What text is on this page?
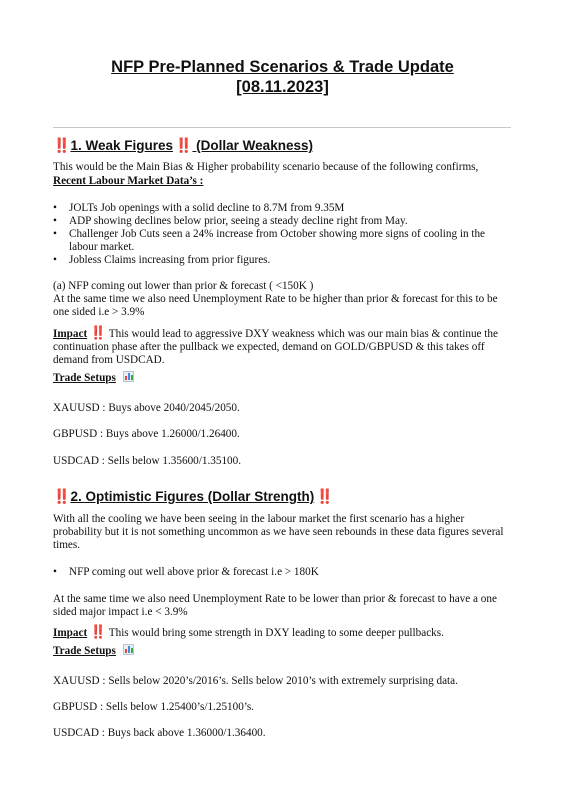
NFP Pre-Planned Scenarios & Trade Update
[08.11.2023]
‼️ 1. Weak Figures ‼️ (Dollar Weakness)
This would be the Main Bias & Higher probability scenario because of the following confirms,
Recent Labour Market Data’s :
• JOLTs Job openings with a solid decline to 8.7M from 9.35M
• ADP showing declines below prior, seeing a steady decline right from May.
• Challenger Job Cuts seen a 24% increase from October showing more signs of cooling in the labour market.
• Jobless Claims increasing from prior figures.
(a) NFP coming out lower than prior & forecast ( <150K )
At the same time we also need Unemployment Rate to be higher than prior & forecast for this to be one sided i.e > 3.9%
Impact ‼️ This would lead to aggressive DXY weakness which was our main bias & continue the continuation phase after the pullback we expected, demand on GOLD/GBPUSD & this takes off demand from USDCAD.
Trade Setups
XAUUSD : Buys above 2040/2045/2050.
GBPUSD : Buys above 1.26000/1.26400.
USDCAD : Sells below 1.35600/1.35100.
‼️ 2. Optimistic Figures (Dollar Strength) ‼️
With all the cooling we have been seeing in the labour market the first scenario has a higher probability but it is not something uncommon as we have seen rebounds in these data figures several times.
• NFP coming out well above prior & forecast i.e > 180K
At the same time we also need Unemployment Rate to be lower than prior & forecast to have a one sided major impact i.e < 3.9%
Impact ‼️ This would bring some strength in DXY leading to some deeper pullbacks.
Trade Setups
XAUUSD : Sells below 2020’s/2016’s. Sells below 2010’s with extremely surprising data.
GBPUSD : Sells below 1.25400’s/1.25100’s.
USDCAD : Buys back above 1.36000/1.36400.
